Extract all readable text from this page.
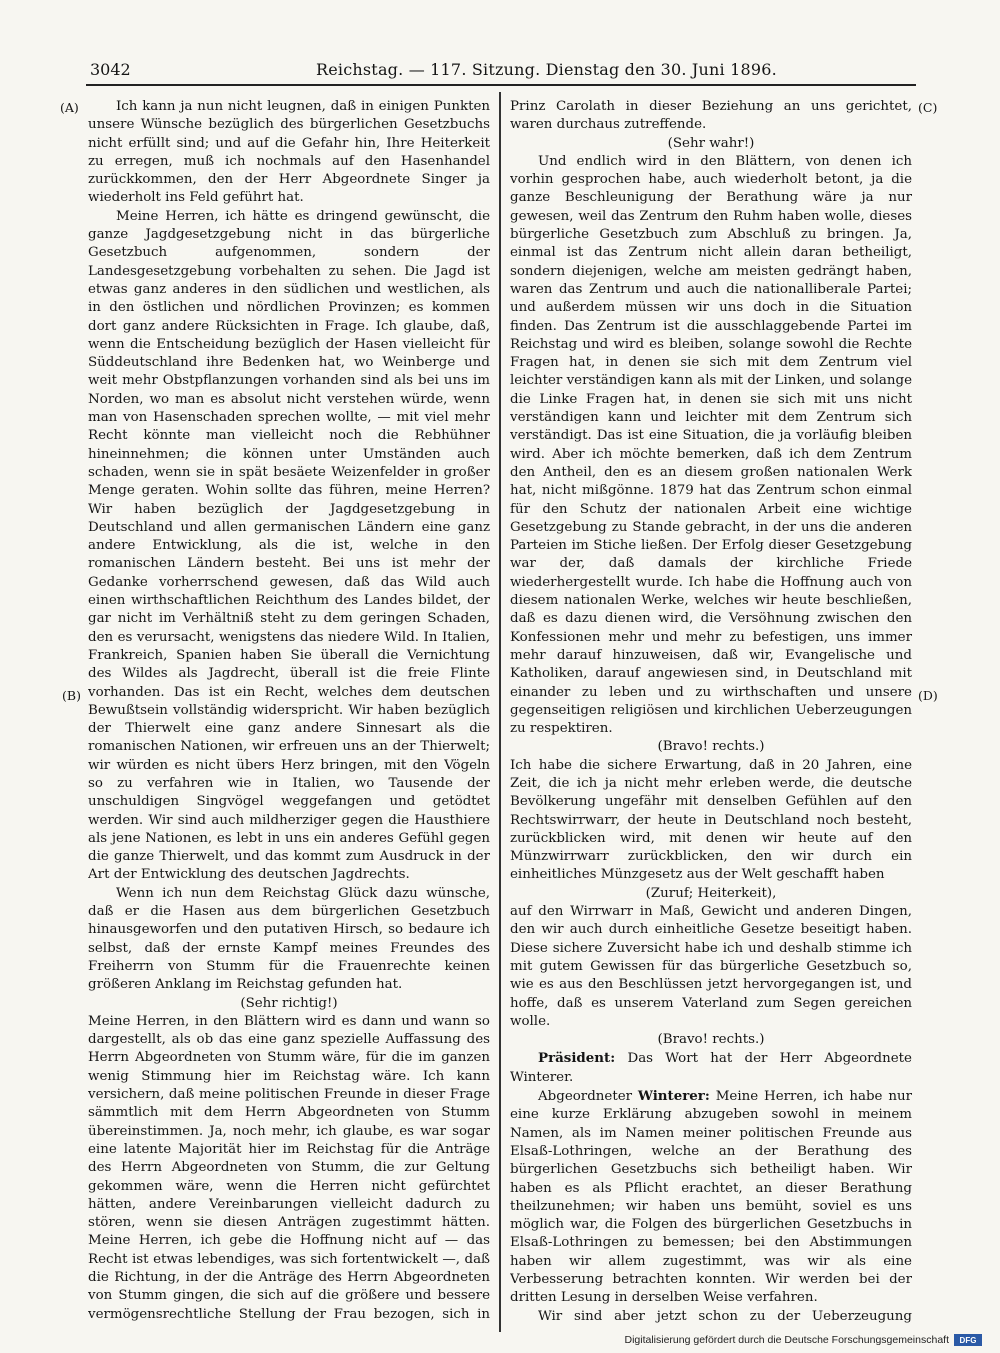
3042	Reichstag. — 117. Sitzung. Dienstag den 30. Juni 1896.
(A)
(B)
(C)
(D)

Ich kann ja nun nicht leugnen, daß in einigen Punkten unsere Wünsche bezüglich des bürgerlichen Gesetzbuchs nicht erfüllt sind; und auf die Gefahr hin, Ihre Heiterkeit zu erregen, muß ich nochmals auf den Hasenhandel zurückkommen, den der Herr Abgeordnete Singer ja wiederholt ins Feld geführt hat.

Meine Herren, ich hätte es dringend gewünscht, die ganze Jagdgesetzgebung nicht in das bürgerliche Gesetzbuch aufgenommen, sondern der Landesgesetzgebung vorbehalten zu sehen. Die Jagd ist etwas ganz anderes in den südlichen und westlichen, als in den östlichen und nördlichen Provinzen; es kommen dort ganz andere Rücksichten in Frage. Ich glaube, daß, wenn die Entscheidung bezüglich der Hasen vielleicht für Süddeutschland ihre Bedenken hat, wo Weinberge und weit mehr Obstpflanzungen vorhanden sind als bei uns im Norden, wo man es absolut nicht verstehen würde, wenn man von Hasenschaden sprechen wollte, — mit viel mehr Recht könnte man vielleicht noch die Rebhühner hineinnehmen; die können unter Umständen auch schaden, wenn sie in spät besäete Weizenfelder in großer Menge geraten. Wohin sollte das führen, meine Herren? Wir haben bezüglich der Jagdgesetzgebung in Deutschland und allen germanischen Ländern eine ganz andere Entwicklung, als die ist, welche in den romanischen Ländern besteht. Bei uns ist mehr der Gedanke vorherrschend gewesen, daß das Wild auch einen wirthschaftlichen Reichthum des Landes bildet, der gar nicht im Verhältniß steht zu dem geringen Schaden, den es verursacht, wenigstens das niedere Wild. In Italien, Frankreich, Spanien haben Sie überall die Vernichtung des Wildes als Jagdrecht, überall ist die freie Flinte vorhanden. Das ist ein Recht, welches dem deutschen Bewußtsein vollständig widerspricht. Wir haben bezüglich der Thierwelt eine ganz andere Sinnesart als die romanischen Nationen, wir erfreuen uns an der Thierwelt; wir würden es nicht übers Herz bringen, mit den Vögeln so zu verfahren wie in Italien, wo Tausende der unschuldigen Singvögel weggefangen und getödtet werden. Wir sind auch mildherziger gegen die Hausthiere als jene Nationen, es lebt in uns ein anderes Gefühl gegen die ganze Thierwelt, und das kommt zum Ausdruck in der Art der Entwicklung des deutschen Jagdrechts.

Wenn ich nun dem Reichstag Glück dazu wünsche, daß er die Hasen aus dem bürgerlichen Gesetzbuch hinausgeworfen und den putativen Hirsch, so bedaure ich selbst, daß der ernste Kampf meines Freundes des Freiherrn von Stumm für die Frauenrechte keinen größeren Anklang im Reichstag gefunden hat.

(Sehr richtig!)

Meine Herren, in den Blättern wird es dann und wann so dargestellt, als ob das eine ganz spezielle Auffassung des Herrn Abgeordneten von Stumm wäre, für die im ganzen wenig Stimmung hier im Reichstag wäre. Ich kann versichern, daß meine politischen Freunde in dieser Frage sämmtlich mit dem Herrn Abgeordneten von Stumm übereinstimmen. Ja, noch mehr, ich glaube, es war sogar eine latente Majorität hier im Reichstag für die Anträge des Herrn Abgeordneten von Stumm, die zur Geltung gekommen wäre, wenn die Herren nicht gefürchtet hätten, andere Vereinbarungen vielleicht dadurch zu stören, wenn sie diesen Anträgen zugestimmt hätten. Meine Herren, ich gebe die Hoffnung nicht auf — das Recht ist etwas lebendiges, was sich fortentwickelt —, daß die Richtung, in der die Anträge des Herrn Abgeordneten von Stumm gingen, die sich auf die größere und bessere vermögensrechtliche Stellung der Frau bezogen, sich in

Prinz Carolath in dieser Beziehung an uns gerichtet, waren durchaus zutreffende.

(Sehr wahr!)

Und endlich wird in den Blättern, von denen ich vorhin gesprochen habe, auch wiederholt betont, ja die ganze Beschleunigung der Berathung wäre ja nur gewesen, weil das Zentrum den Ruhm haben wolle, dieses bürgerliche Gesetzbuch zum Abschluß zu bringen. Ja, einmal ist das Zentrum nicht allein daran betheiligt, sondern diejenigen, welche am meisten gedrängt haben, waren das Zentrum und auch die nationalliberale Partei; und außerdem müssen wir uns doch in die Situation finden. Das Zentrum ist die ausschlaggebende Partei im Reichstag und wird es bleiben, solange sowohl die Rechte Fragen hat, in denen sie sich mit dem Zentrum viel leichter verständigen kann als mit der Linken, und solange die Linke Fragen hat, in denen sie sich mit uns nicht verständigen kann und leichter mit dem Zentrum sich verständigt. Das ist eine Situation, die ja vorläufig bleiben wird. Aber ich möchte bemerken, daß ich dem Zentrum den Antheil, den es an diesem großen nationalen Werk hat, nicht mißgönne. 1879 hat das Zentrum schon einmal für den Schutz der nationalen Arbeit eine wichtige Gesetzgebung zu Stande gebracht, in der uns die anderen Parteien im Stiche ließen. Der Erfolg dieser Gesetzgebung war der, daß damals der kirchliche Friede wiederhergestellt wurde. Ich habe die Hoffnung auch von diesem nationalen Werke, welches wir heute beschließen, daß es dazu dienen wird, die Versöhnung zwischen den Konfessionen mehr und mehr zu befestigen, uns immer mehr darauf hinzuweisen, daß wir, Evangelische und Katholiken, darauf angewiesen sind, in Deutschland mit einander zu leben und zu wirthschaften und unsere gegenseitigen religiösen und kirchlichen Ueberzeugungen zu respektiren.

(Bravo! rechts.)

Ich habe die sichere Erwartung, daß in 20 Jahren, eine Zeit, die ich ja nicht mehr erleben werde, die deutsche Bevölkerung ungefähr mit denselben Gefühlen auf den Rechtswirrwarr, der heute in Deutschland noch besteht, zurückblicken wird, mit denen wir heute auf den Münzwirrwarr zurückblicken, den wir durch ein einheitliches Münzgesetz aus der Welt geschafft haben

(Zuruf; Heiterkeit),

auf den Wirrwarr in Maß, Gewicht und anderen Dingen, den wir auch durch einheitliche Gesetze beseitigt haben. Diese sichere Zuversicht habe ich und deshalb stimme ich mit gutem Gewissen für das bürgerliche Gesetzbuch so, wie es aus den Beschlüssen jetzt hervorgegangen ist, und hoffe, daß es unserem Vaterland zum Segen gereichen wolle.

(Bravo! rechts.)

Präsident: Das Wort hat der Herr Abgeordnete Winterer.

Abgeordneter Winterer: Meine Herren, ich habe nur eine kurze Erklärung abzugeben sowohl in meinem Namen, als im Namen meiner politischen Freunde aus Elsaß-Lothringen, welche an der Berathung des bürgerlichen Gesetzbuchs sich betheiligt haben. Wir haben es als Pflicht erachtet, an dieser Berathung theilzunehmen; wir haben uns bemüht, soviel es uns möglich war, die Folgen des bürgerlichen Gesetzbuchs in Elsaß-Lothringen zu bemessen; bei den Abstimmungen haben wir allem zugestimmt, was wir als eine Verbesserung betrachten konnten. Wir werden bei der dritten Lesung in derselben Weise verfahren.

Wir sind aber jetzt schon zu der Ueberzeugung

Digitalisierung gefördert durch die Deutsche Forschungsgemeinschaft	DFG
